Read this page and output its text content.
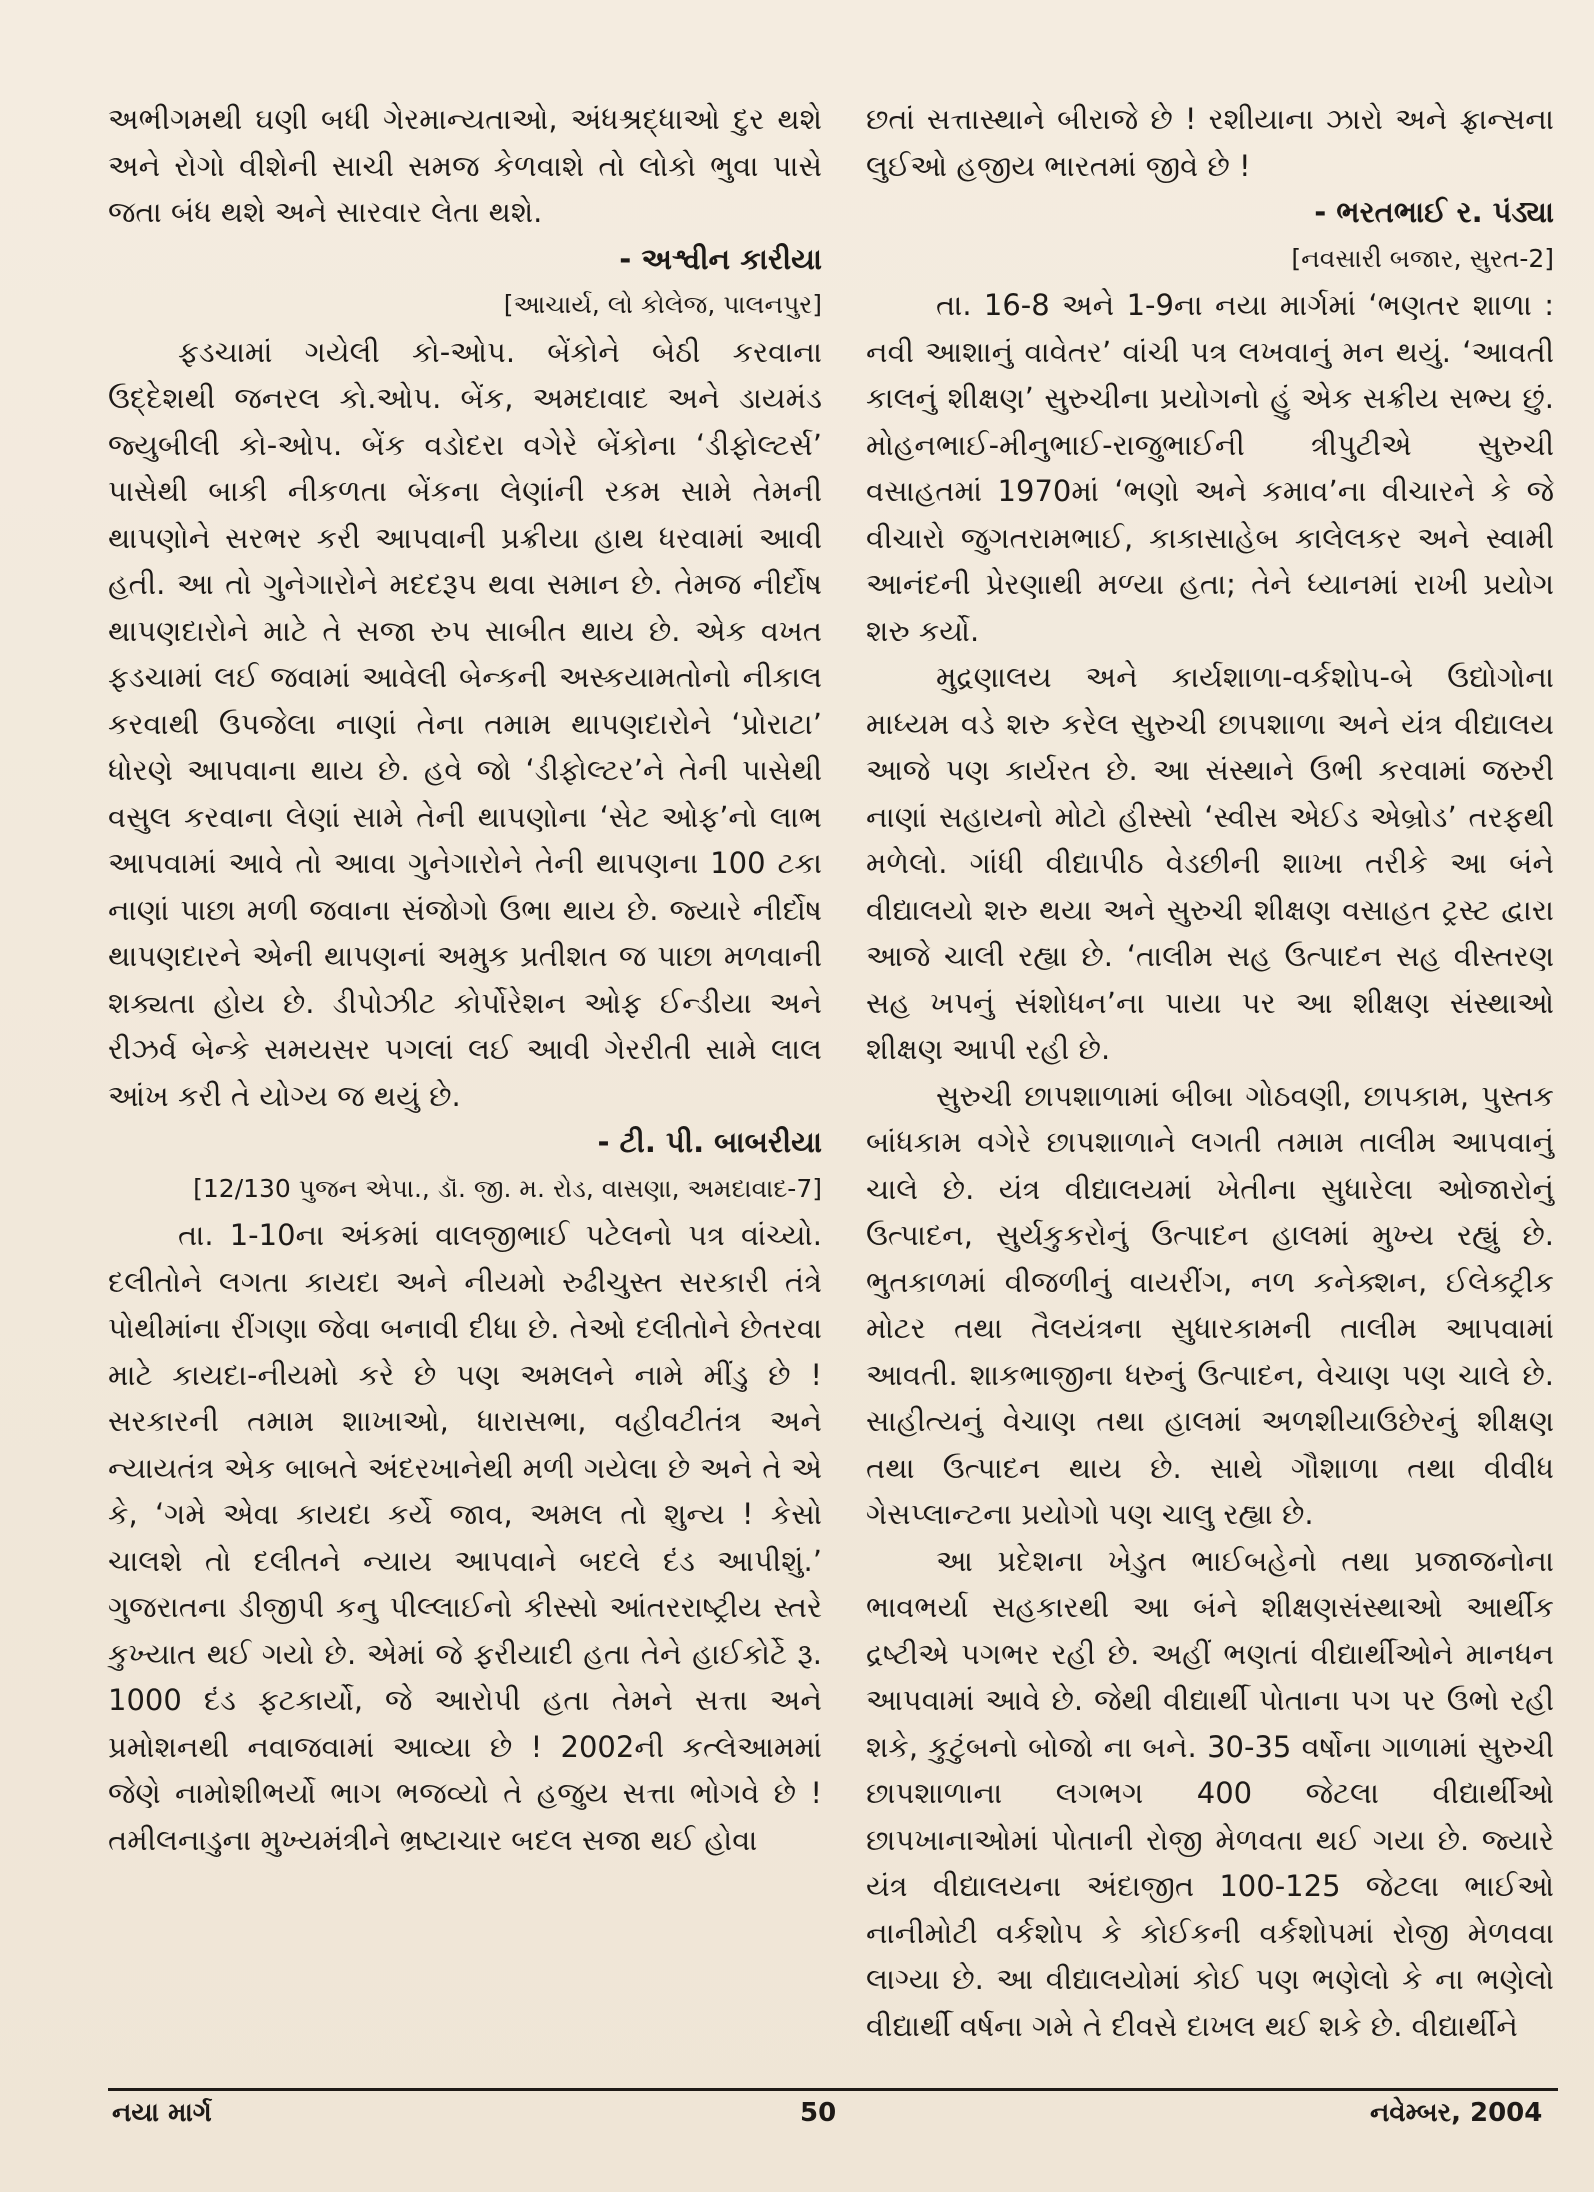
અભીગમથી ઘણી બધી ગેરમાન્યતાઓ, અંધશ્રદ્ધાઓ દુર થશે અને રોગો વીશેની સાચી સમજ કેળવાશે તો લોકો ભુવા પાસે જતા બંધ થશે અને સારવાર લેતા થશે.

- અશ્વીન કારીયા

[આચાર્ય, લો કોલેજ, પાલનપુર]

ફડચામાં ગયેલી કો-ઓપ. બેંકોને બેઠી કરવાના ઉદ્દેશથી જનરલ કો.ઓપ. બેંક, અમદાવાદ અને ડાયમંડ જ્યુબીલી કો-ઓપ. બેંક વડોદરા વગેરે બેંકોના ‘ડીફોલ્ટર્સ’ પાસેથી બાકી નીકળતા બેંકના લેણાંની રકમ સામે તેમની થાપણોને સરભર કરી આપવાની પ્રક્રીયા હાથ ધરવામાં આવી હતી. આ તો ગુનેગારોને મદદરૂપ થવા સમાન છે. તેમજ નીર્દોષ થાપણદારોને માટે તે સજા રુપ સાબીત થાય છે. એક વખત ફડચામાં લઈ જવામાં આવેલી બેન્કની અસ્કયામતોનો નીકાલ કરવાથી ઉપજેલા નાણાં તેના તમામ થાપણદારોને ‘પ્રોરાટા’ ધોરણે આપવાના થાય છે. હવે જો ‘ડીફોલ્ટર’ને તેની પાસેથી વસુલ કરવાના લેણાં સામે તેની થાપણોના ‘સેટ ઓફ’નો લાભ આપવામાં આવે તો આવા ગુનેગારોને તેની થાપણના 100 ટકા નાણાં પાછા મળી જવાના સંજોગો ઉભા થાય છે. જ્યારે નીર્દોષ થાપણદારને એની થાપણનાં અમુક પ્રતીશત જ પાછા મળવાની શક્યતા હોય છે. ડીપોઝીટ કોર્પોરેશન ઓફ ઈન્ડીયા અને રીઝર્વ બેન્કે સમયસર પગલાં લઈ આવી ગેરરીતી સામે લાલ આંખ કરી તે યોગ્ય જ થયું છે.

- ટી. પી. બાબરીયા

[12/130 પુજન એપા., ડૉ. જી. મ. રોડ, વાસણા, અમદાવાદ-7]

તા. 1-10ના અંકમાં વાલજીભાઈ પટેલનો પત્ર વાંચ્યો. દલીતોને લગતા કાયદા અને નીયમો રુઢીચુસ્ત સરકારી તંત્રે પોથીમાંના રીંગણા જેવા બનાવી દીધા છે. તેઓ દલીતોને છેતરવા માટે કાયદા-નીયમો કરે છે પણ અમલને નામે મીંડુ છે ! સરકારની તમામ શાખાઓ, ધારાસભા, વહીવટીતંત્ર અને ન્યાયતંત્ર એક બાબતે અંદરખાનેથી મળી ગયેલા છે અને તે એ કે, ‘ગમે એવા કાયદા કર્યે જાવ, અમલ તો શુન્ય ! કેસો ચાલશે તો દલીતને ન્યાય આપવાને બદલે દંડ આપીશું.’ ગુજરાતના ડીજીપી કનુ પીલ્લાઈનો કીસ્સો આંતરરાષ્ટ્રીય સ્તરે કુખ્યાત થઈ ગયો છે. એમાં જે ફરીયાદી હતા તેને હાઈકોર્ટે રૂ. 1000 દંડ ફટકાર્યો, જે આરોપી હતા તેમને સત્તા અને પ્રમોશનથી નવાજવામાં આવ્યા છે ! 2002ની કત્લેઆમમાં જેણે નામોશીભર્યો ભાગ ભજવ્યો તે હજુય સત્તા ભોગવે છે ! તમીલનાડુના મુખ્યમંત્રીને ભ્રષ્ટાચાર બદલ સજા થઈ હોવા

છતાં સત્તાસ્થાને બીરાજે છે ! રશીયાના ઝારો અને ફ્રાન્સના લુઈઓ હજીય ભારતમાં જીવે છે !

- ભરતભાઈ ર. પંડ્યા

[નવસારી બજાર, સુરત-2]

તા. 16-8 અને 1-9ના નયા માર્ગમાં ‘ભણતર શાળા : નવી આશાનું વાવેતર’ વાંચી પત્ર લખવાનું મન થયું. ‘આવતી કાલનું શીક્ષણ’ સુરુચીના પ્રયોગનો હું એક સક્રીય સભ્ય છું. મોહનભાઈ-મીનુભાઈ-રાજુભાઈની ત્રીપુટીએ સુરુચી વસાહતમાં 1970માં ‘ભણો અને કમાવ’ના વીચારને કે જે વીચારો જુગતરામભાઈ, કાકાસાહેબ કાલેલકર અને સ્વામી આનંદની પ્રેરણાથી મળ્યા હતા; તેને ધ્યાનમાં રાખી પ્રયોગ શરુ કર્યો.

મુદ્રણાલય અને કાર્યશાળા-વર્કશોપ-બે ઉદ્યોગોના માધ્યમ વડે શરુ કરેલ સુરુચી છાપશાળા અને યંત્ર વીદ્યાલય આજે પણ કાર્યરત છે. આ સંસ્થાને ઉભી કરવામાં જરુરી નાણાં સહાયનો મોટો હીસ્સો ‘સ્વીસ એઈડ એબ્રોડ’ તરફથી મળેલો. ગાંધી વીદ્યાપીઠ વેડછીની શાખા તરીકે આ બંને વીદ્યાલયો શરુ થયા અને સુરુચી શીક્ષણ વસાહત ટ્રસ્ટ દ્વારા આજે ચાલી રહ્યા છે. ‘તાલીમ સહ ઉત્પાદન સહ વીસ્તરણ સહ ખપનું સંશોધન’ના પાયા પર આ શીક્ષણ સંસ્થાઓ શીક્ષણ આપી રહી છે.

સુરુચી છાપશાળામાં બીબા ગોઠવણી, છાપકામ, પુસ્તક બાંધકામ વગેરે છાપશાળાને લગતી તમામ તાલીમ આપવાનું ચાલે છે. યંત્ર વીદ્યાલયમાં ખેતીના સુધારેલા ઓજારોનું ઉત્પાદન, સુર્યકુકરોનું ઉત્પાદન હાલમાં મુખ્ય રહ્યું છે. ભુતકાળમાં વીજળીનું વાયરીંગ, નળ કનેક્શન, ઈલેક્ટ્રીક મોટર તથા તૈલયંત્રના સુધારકામની તાલીમ આપવામાં આવતી. શાકભાજીના ધરુનું ઉત્પાદન, વેચાણ પણ ચાલે છે. સાહીત્યનું વેચાણ તથા હાલમાં અળશીયાઉછેરનું શીક્ષણ તથા ઉત્પાદન થાય છે. સાથે ગૌશાળા તથા વીવીધ ગેસપ્લાન્ટના પ્રયોગો પણ ચાલુ રહ્યા છે.

આ પ્રદેશના ખેડુત ભાઈબહેનો તથા પ્રજાજનોના ભાવભર્યા સહકારથી આ બંને શીક્ષણસંસ્થાઓ આર્થીક દ્રષ્ટીએ પગભર રહી છે. અહીં ભણતાં વીદ્યાર્થીઓને માનધન આપવામાં આવે છે. જેથી વીદ્યાર્થી પોતાના પગ પર ઉભો રહી શકે, કુટુંબનો બોજો ના બને. 30-35 વર્ષોના ગાળામાં સુરુચી છાપશાળાના લગભગ 400 જેટલા વીદ્યાર્થીઓ છાપખાનાઓમાં પોતાની રોજી મેળવતા થઈ ગયા છે. જ્યારે યંત્ર વીદ્યાલયના અંદાજીત 100-125 જેટલા ભાઈઓ નાનીમોટી વર્કશોપ કે કોઈકની વર્કશોપમાં રોજી મેળવવા લાગ્યા છે. આ વીદ્યાલયોમાં કોઈ પણ ભણેલો કે ના ભણેલો વીદ્યાર્થી વર્ષના ગમે તે દીવસે દાખલ થઈ શકે છે. વીદ્યાર્થીને

નયા માર્ગ	50	નવેમ્બર, 2004
